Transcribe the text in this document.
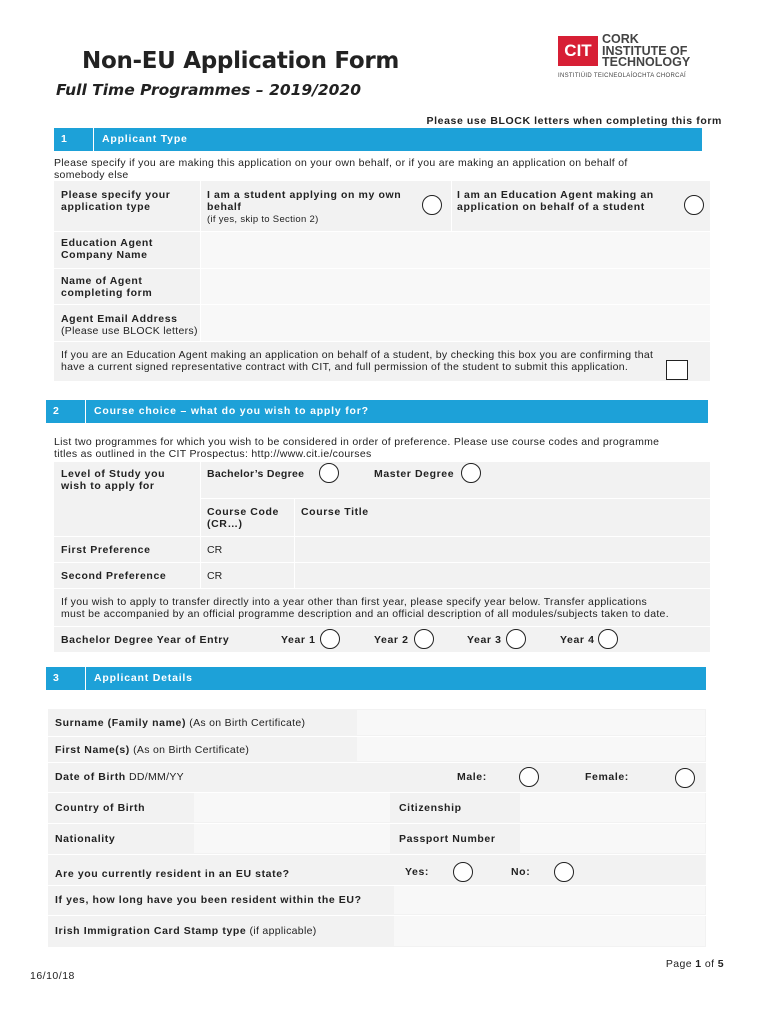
Non-EU Application Form
Full Time Programmes – 2019/2020
CIT
CORK
INSTITUTE OF
TECHNOLOGY
INSTITIÚID TEICNEOLAÍOCHTA CHORCAÍ
Please use BLOCK letters when completing this form
1	Applicant Type
Please specify if you are making this application on your own behalf, or if you are making an application on behalf of
somebody else
Please specify your
application type
I am a student applying on my own
behalf
(if yes, skip to Section 2)
I am an Education Agent making an
application on behalf of a student
Education Agent
Company Name
Name of Agent
completing form
Agent Email Address
(Please use BLOCK letters)
If you are an Education Agent making an application on behalf of a student, by checking this box you are confirming that
have a current signed representative contract with CIT, and full permission of the student to submit this application.
2	Course choice – what do you wish to apply for?
List two programmes for which you wish to be considered in order of preference. Please use course codes and programme
titles as outlined in the CIT Prospectus: http://www.cit.ie/courses
Level of Study you
wish to apply for
Bachelor’s Degree	Master Degree
Course Code
(CR…)
Course Title
First Preference	CR
Second Preference	CR
If you wish to apply to transfer directly into a year other than first year, please specify year below. Transfer applications
must be accompanied by an official programme description and an official description of all modules/subjects taken to date.
Bachelor Degree Year of Entry	Year 1	Year 2	Year 3	Year 4
3	Applicant Details
Surname (Family name) (As on Birth Certificate)
First Name(s) (As on Birth Certificate)
Date of Birth DD/MM/YY	Male:	Female:
Country of Birth	Citizenship
Nationality	Passport Number
Are you currently resident in an EU state?	Yes:	No:
If yes, how long have you been resident within the EU?
Irish Immigration Card Stamp type (if applicable)
16/10/18
Page 1 of 5
